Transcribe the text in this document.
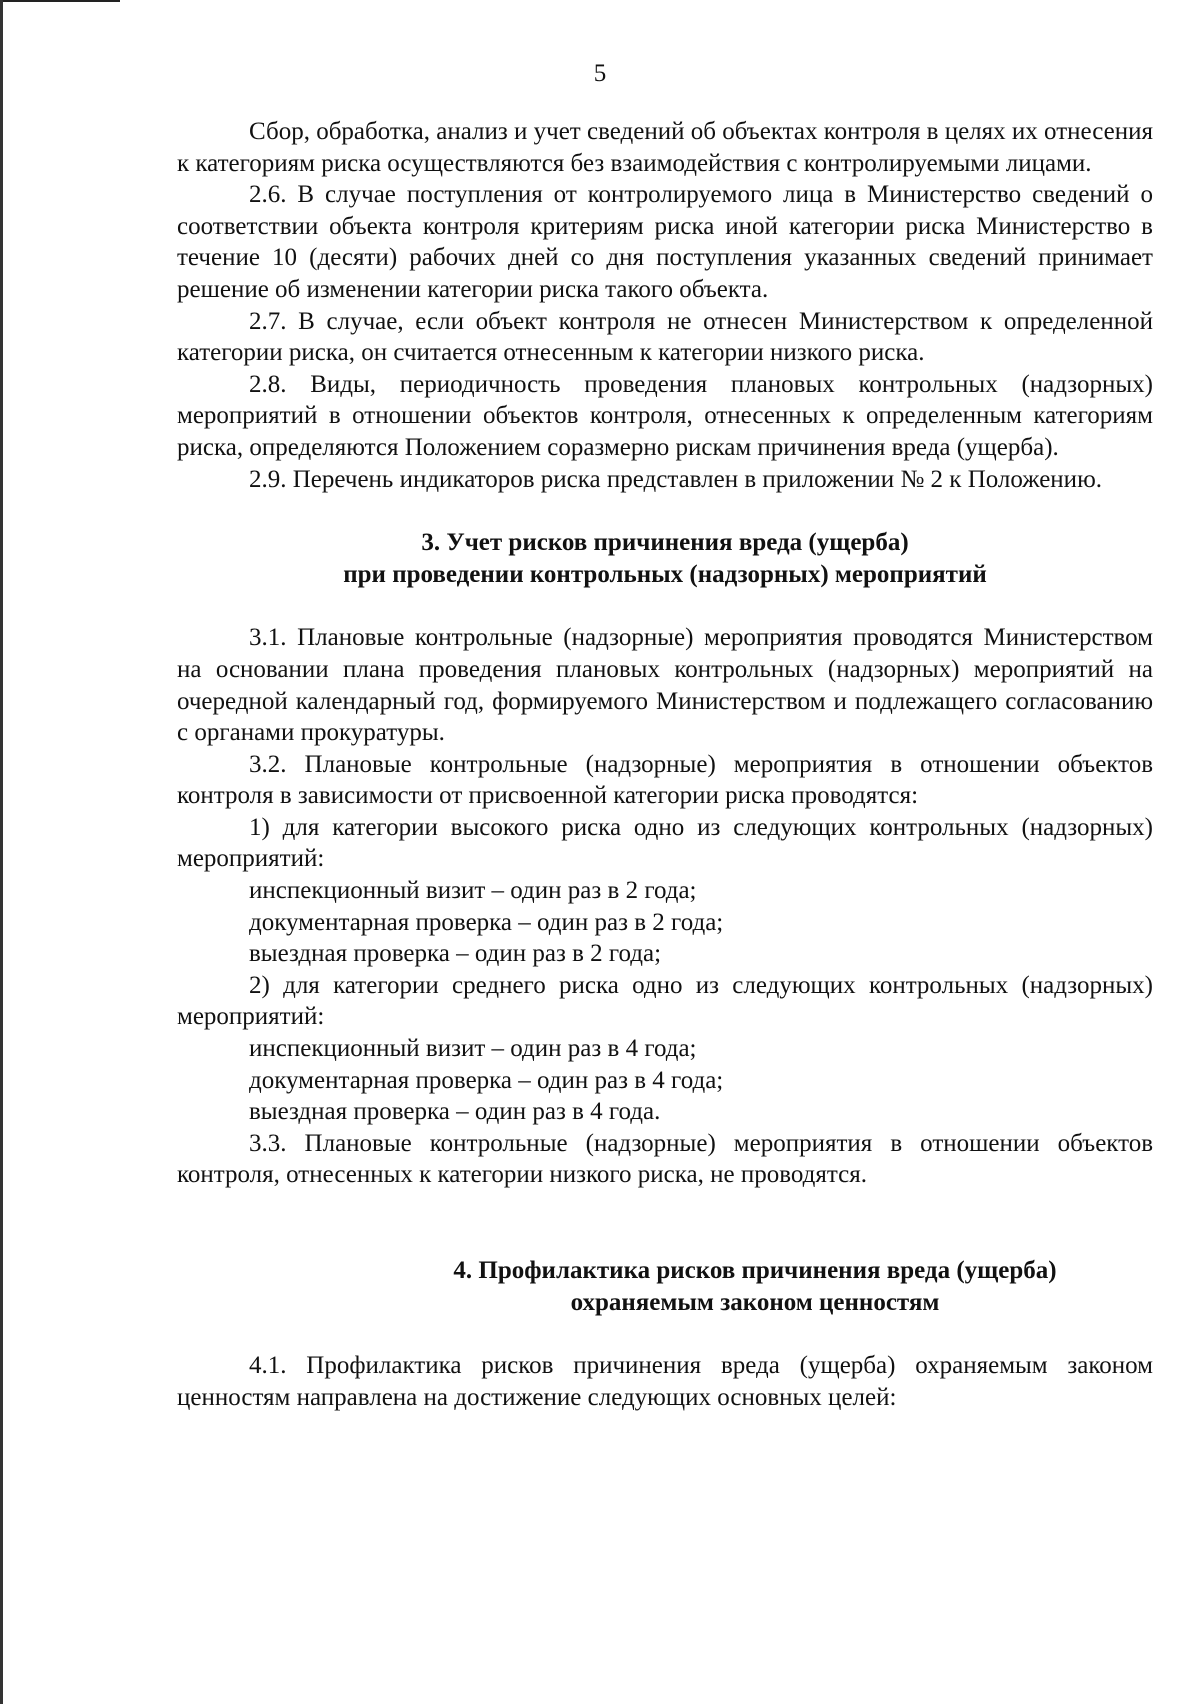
5

Сбор, обработка, анализ и учет сведений об объектах контроля в целях их отнесения к категориям риска осуществляются без взаимодействия с контролируемыми лицами.

2.6. В случае поступления от контролируемого лица в Министерство сведений о соответствии объекта контроля критериям риска иной категории риска Министерство в течение 10 (десяти) рабочих дней со дня поступления указанных сведений принимает решение об изменении категории риска такого объекта.

2.7. В случае, если объект контроля не отнесен Министерством к определенной категории риска, он считается отнесенным к категории низкого риска.

2.8. Виды, периодичность проведения плановых контрольных (надзорных) мероприятий в отношении объектов контроля, отнесенных к определенным категориям риска, определяются Положением соразмерно рискам причинения вреда (ущерба).

2.9. Перечень индикаторов риска представлен в приложении № 2 к Положению.

3. Учет рисков причинения вреда (ущерба)
при проведении контрольных (надзорных) мероприятий

3.1. Плановые контрольные (надзорные) мероприятия проводятся Министерством на основании плана проведения плановых контрольных (надзорных) мероприятий на очередной календарный год, формируемого Министерством и подлежащего согласованию с органами прокуратуры.

3.2. Плановые контрольные (надзорные) мероприятия в отношении объектов контроля в зависимости от присвоенной категории риска проводятся:

1) для категории высокого риска одно из следующих контрольных (надзорных) мероприятий:

инспекционный визит – один раз в 2 года;

документарная проверка – один раз в 2 года;

выездная проверка – один раз в 2 года;

2) для категории среднего риска одно из следующих контрольных (надзорных) мероприятий:

инспекционный визит – один раз в 4 года;

документарная проверка – один раз в 4 года;

выездная проверка – один раз в 4 года.

3.3. Плановые контрольные (надзорные) мероприятия в отношении объектов контроля, отнесенных к категории низкого риска, не проводятся.

4. Профилактика рисков причинения вреда (ущерба)
охраняемым законом ценностям

4.1. Профилактика рисков причинения вреда (ущерба) охраняемым законом ценностям направлена на достижение следующих основных целей:
